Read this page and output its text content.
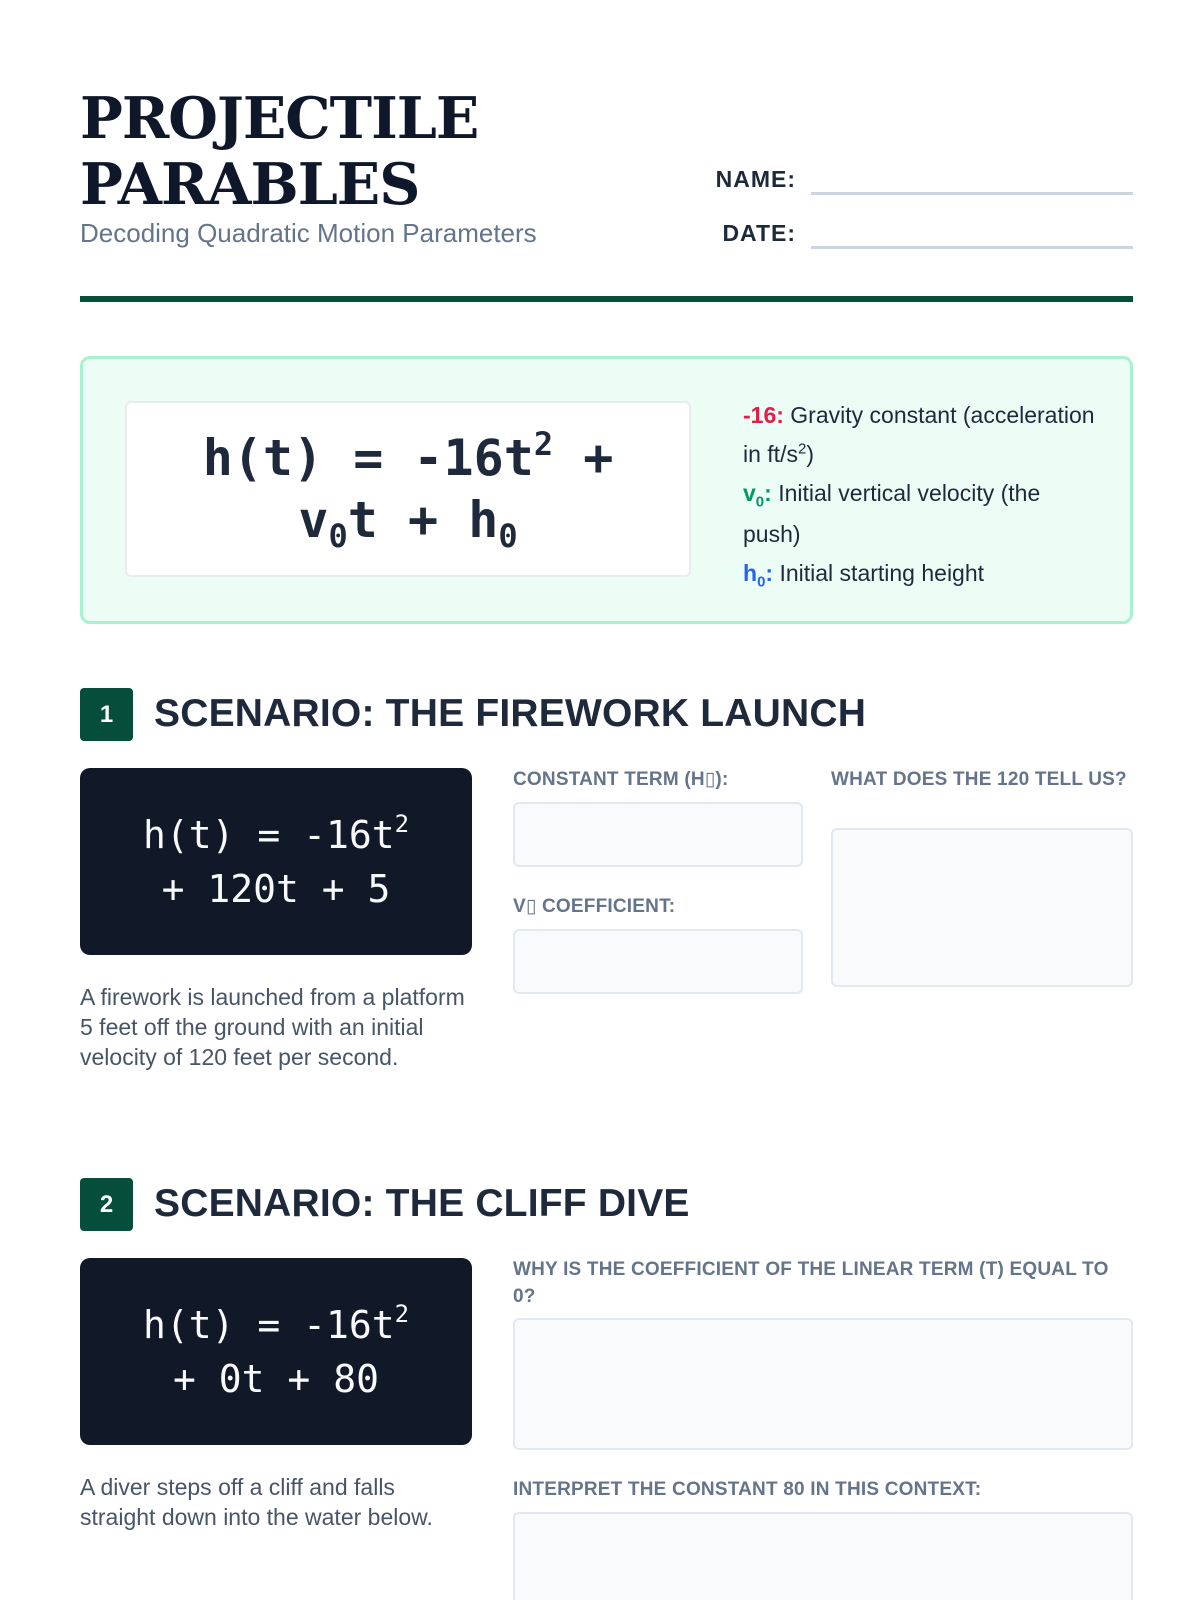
PROJECTILE
PARABLES
Decoding Quadratic Motion Parameters
NAME:
DATE:
$h(t) = -16t^2$ +
$v_0t + h_0$
-16: Gravity constant (acceleration in $ft/s^2$)
$v_0$: Initial vertical velocity (the push)
$h_0$: Initial starting height
1	SCENARIO: THE FIREWORK LAUNCH
$h(t) = -16t^2$
+ 120t + 5
A firework is launched from a platform 5 feet off the ground with an initial velocity of 120 feet per second.
CONSTANT TERM (H▯):
V▯ COEFFICIENT:
WHAT DOES THE 120 TELL US?
2	SCENARIO: THE CLIFF DIVE
$h(t) = -16t^2$
+ 0t + 80
A diver steps off a cliff and falls straight down into the water below.
WHY IS THE COEFFICIENT OF THE LINEAR TERM (T) EQUAL TO 0?
INTERPRET THE CONSTANT 80 IN THIS CONTEXT:
